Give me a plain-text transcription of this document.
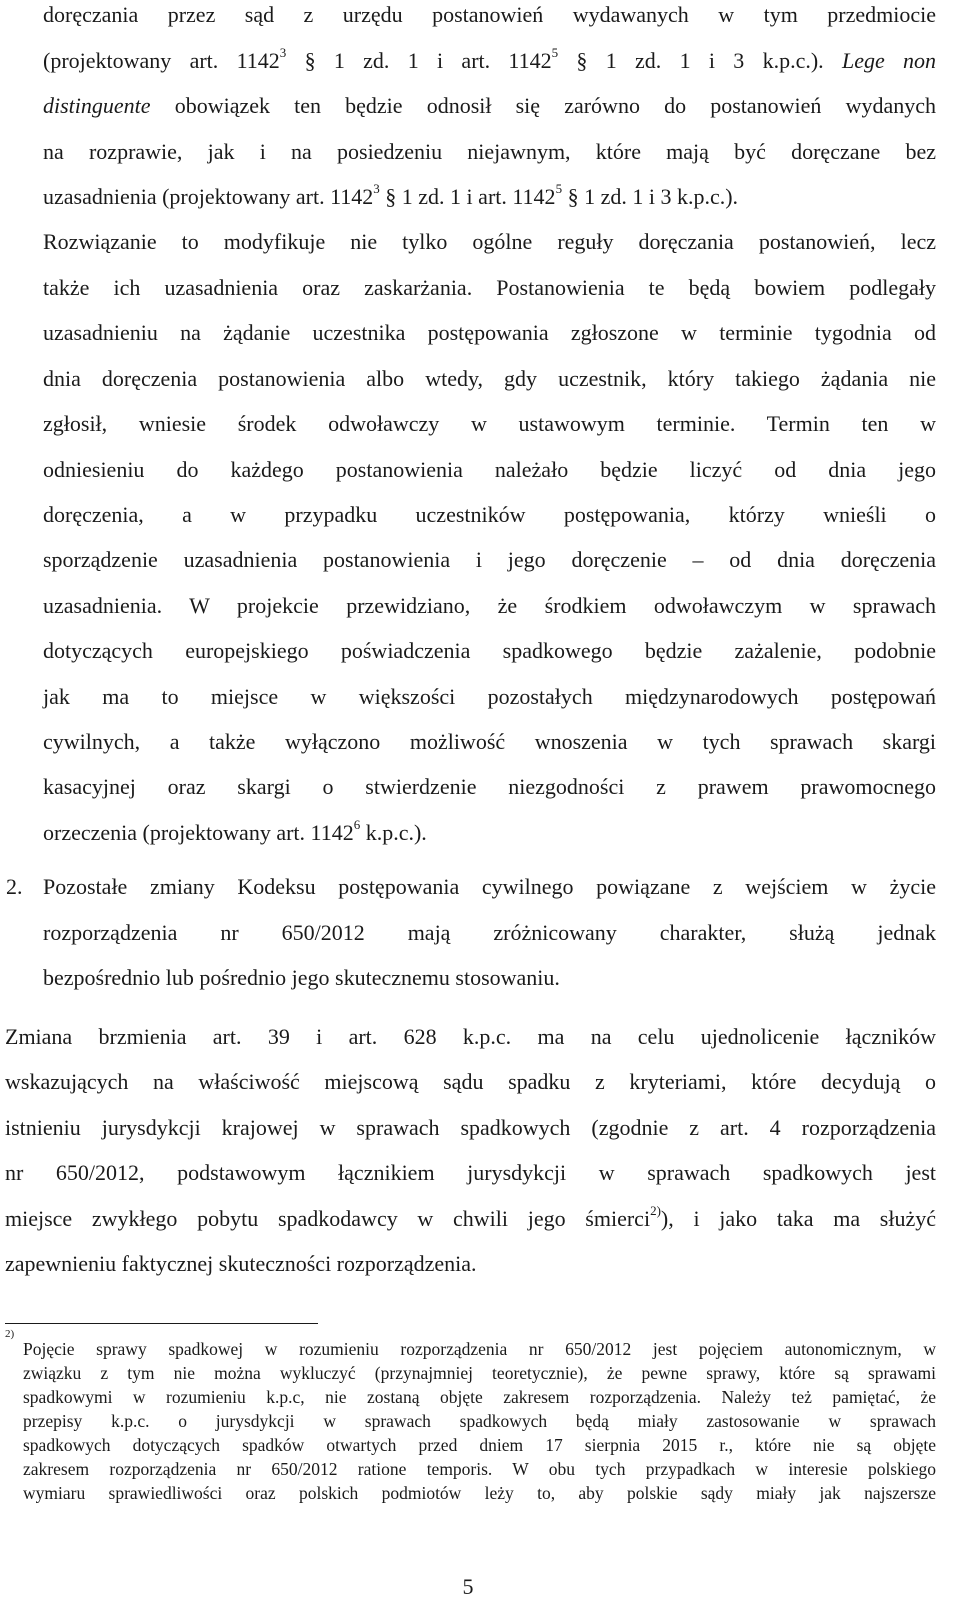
doręczania przez sąd z urzędu postanowień wydawanych w tym przedmiocie
(projektowany art. 1142$^3$ § 1 zd. 1 i art. 1142$^5$ § 1 zd. 1 i 3 k.p.c.). Lege non
distinguente obowiązek ten będzie odnosił się zarówno do postanowień wydanych
na rozprawie, jak i na posiedzeniu niejawnym, które mają być doręczane bez
uzasadnienia (projektowany art. 1142$^3$ § 1 zd. 1 i art. 1142$^5$ § 1 zd. 1 i 3 k.p.c.).
Rozwiązanie to modyfikuje nie tylko ogólne reguły doręczania postanowień, lecz
także ich uzasadnienia oraz zaskarżania. Postanowienia te będą bowiem podlegały
uzasadnieniu na żądanie uczestnika postępowania zgłoszone w terminie tygodnia od
dnia doręczenia postanowienia albo wtedy, gdy uczestnik, który takiego żądania nie
zgłosił, wniesie środek odwoławczy w ustawowym terminie. Termin ten w
odniesieniu do każdego postanowienia należało będzie liczyć od dnia jego
doręczenia, a w przypadku uczestników postępowania, którzy wnieśli o
sporządzenie uzasadnienia postanowienia i jego doręczenie – od dnia doręczenia
uzasadnienia. W projekcie przewidziano, że środkiem odwoławczym w sprawach
dotyczących europejskiego poświadczenia spadkowego będzie zażalenie, podobnie
jak ma to miejsce w większości pozostałych międzynarodowych postępowań
cywilnych, a także wyłączono możliwość wnoszenia w tych sprawach skargi
kasacyjnej oraz skargi o stwierdzenie niezgodności z prawem prawomocnego
orzeczenia (projektowany art. 1142$^6$ k.p.c.).
2. Pozostałe zmiany Kodeksu postępowania cywilnego powiązane z wejściem w życie
rozporządzenia nr 650/2012 mają zróżnicowany charakter, służą jednak
bezpośrednio lub pośrednio jego skutecznemu stosowaniu.
Zmiana brzmienia art. 39 i art. 628 k.p.c. ma na celu ujednolicenie łączników
wskazujących na właściwość miejscową sądu spadku z kryteriami, które decydują o
istnieniu jurysdykcji krajowej w sprawach spadkowych (zgodnie z art. 4 rozporządzenia
nr 650/2012, podstawowym łącznikiem jurysdykcji w sprawach spadkowych jest
miejsce zwykłego pobytu spadkodawcy w chwili jego śmierci$^{2)}$), i jako taka ma służyć
zapewnieniu faktycznej skuteczności rozporządzenia.
$^{2)}$
Pojęcie sprawy spadkowej w rozumieniu rozporządzenia nr 650/2012 jest pojęciem autonomicznym, w
związku z tym nie można wykluczyć (przynajmniej teoretycznie), że pewne sprawy, które są sprawami
spadkowymi w rozumieniu k.p.c, nie zostaną objęte zakresem rozporządzenia. Należy też pamiętać, że
przepisy k.p.c. o jurysdykcji w sprawach spadkowych będą miały zastosowanie w sprawach
spadkowych dotyczących spadków otwartych przed dniem 17 sierpnia 2015 r., które nie są objęte
zakresem rozporządzenia nr 650/2012 ratione temporis. W obu tych przypadkach w interesie polskiego
wymiaru sprawiedliwości oraz polskich podmiotów leży to, aby polskie sądy miały jak najszersze
5
